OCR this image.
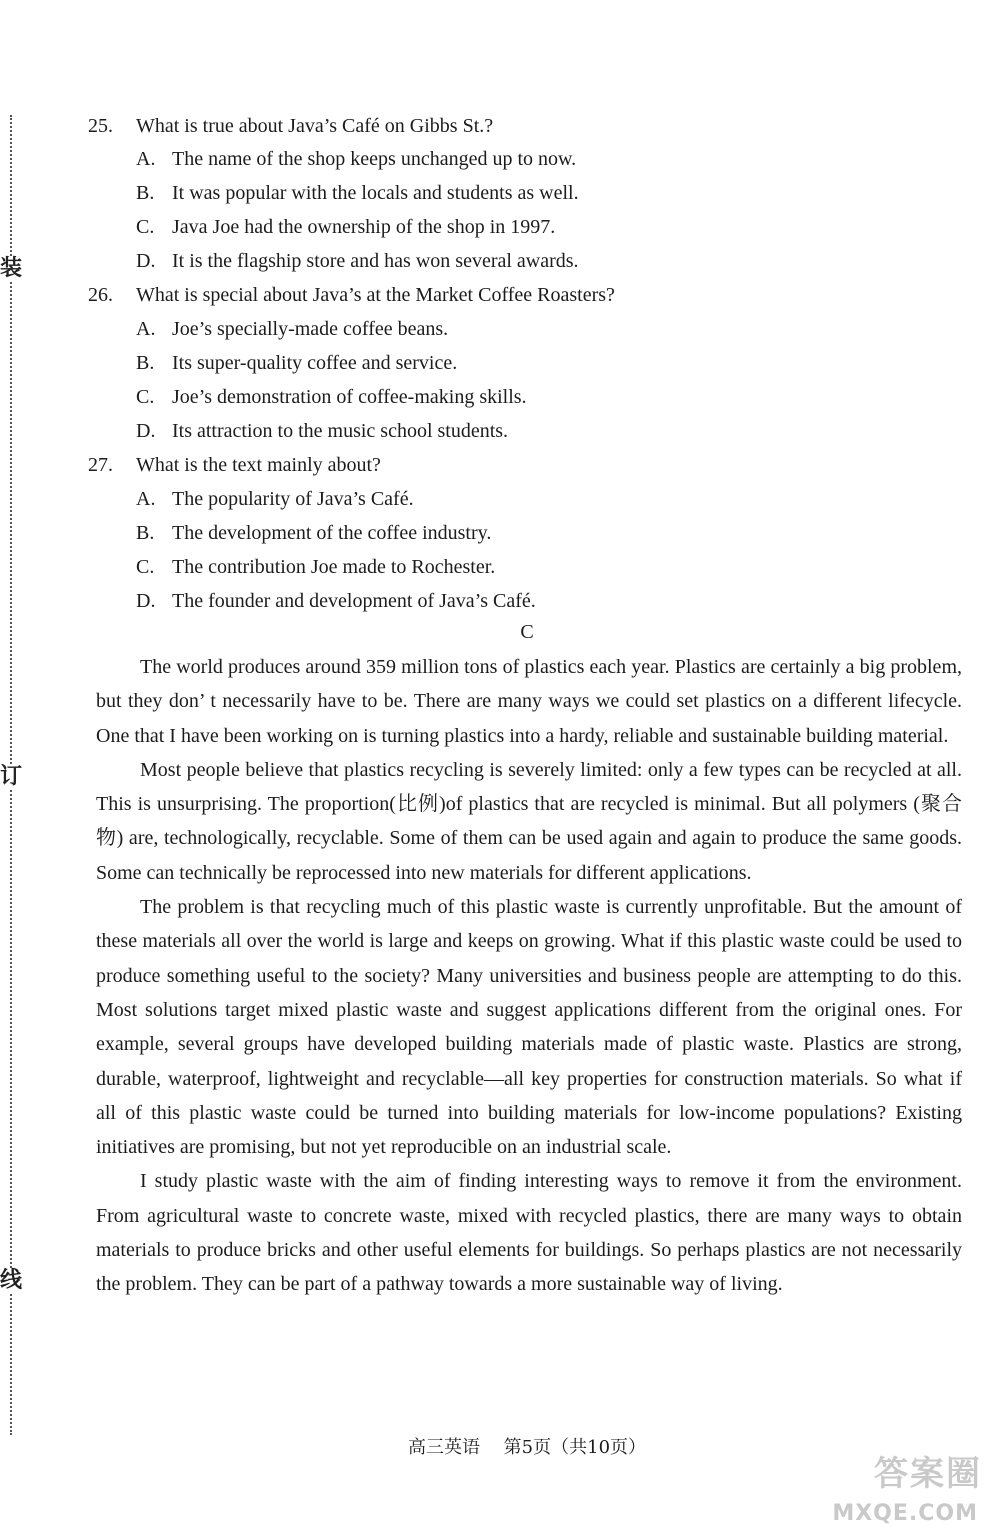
装
订
线
25. What is true about Java’s Café on Gibbs St.?
A. The name of the shop keeps unchanged up to now.
B. It was popular with the locals and students as well.
C. Java Joe had the ownership of the shop in 1997.
D. It is the flagship store and has won several awards.
26. What is special about Java’s at the Market Coffee Roasters?
A. Joe’s specially-made coffee beans.
B. Its super-quality coffee and service.
C. Joe’s demonstration of coffee-making skills.
D. Its attraction to the music school students.
27. What is the text mainly about?
A. The popularity of Java’s Café.
B. The development of the coffee industry.
C. The contribution Joe made to Rochester.
D. The founder and development of Java’s Café.
C

The world produces around 359 million tons of plastics each year. Plastics are certainly a big problem, but they don’ t necessarily have to be. There are many ways we could set plastics on a different lifecycle. One that I have been working on is turning plastics into a hardy, reliable and sustainable building material.

Most people believe that plastics recycling is severely limited: only a few types can be recycled at all. This is unsurprising. The proportion(比例)of plastics that are recycled is minimal. But all polymers (聚合物) are, technologically, recyclable. Some of them can be used again and again to produce the same goods. Some can technically be reprocessed into new materials for different applications.

The problem is that recycling much of this plastic waste is currently unprofitable. But the amount of these materials all over the world is large and keeps on growing. What if this plastic waste could be used to produce something useful to the society? Many universities and business people are attempting to do this. Most solutions target mixed plastic waste and suggest applications different from the original ones. For example, several groups have developed building materials made of plastic waste. Plastics are strong, durable, waterproof, lightweight and recyclable—all key properties for construction materials. So what if all of this plastic waste could be turned into building materials for low-income populations? Existing initiatives are promising, but not yet reproducible on an industrial scale.

I study plastic waste with the aim of finding interesting ways to remove it from the environment. From agricultural waste to concrete waste, mixed with recycled plastics, there are many ways to obtain materials to produce bricks and other useful elements for buildings. So perhaps plastics are not necessarily the problem. They can be part of a pathway towards a more sustainable way of living.

高三英语　 第5页（共10页）
答案圈
MXQE.COM
